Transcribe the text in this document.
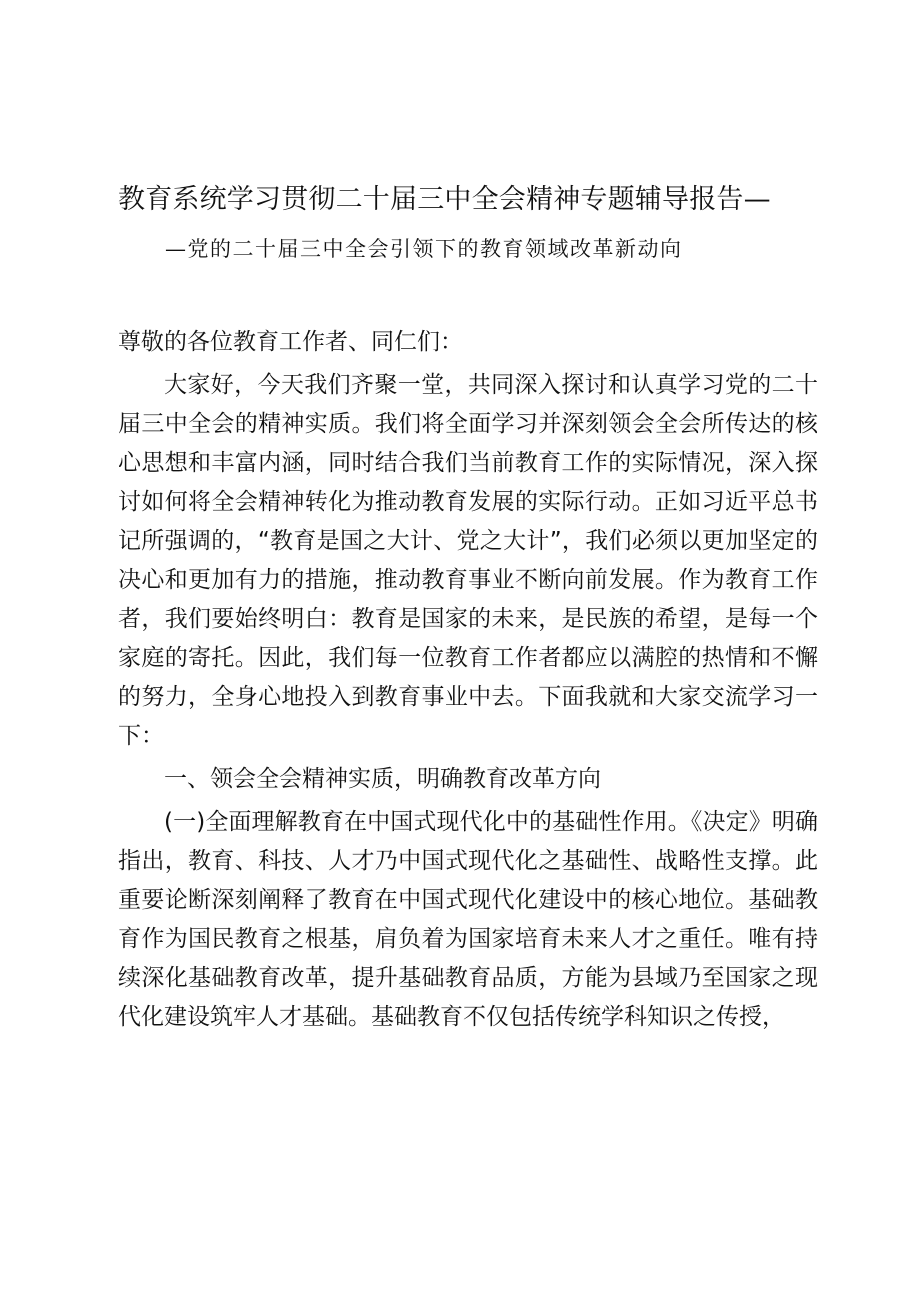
教育系统学习贯彻二十届三中全会精神专题辅导报告—
—党的二十届三中全会引领下的教育领域改革新动向
尊敬的各位教育工作者、同仁们：

大家好，今天我们齐聚一堂，共同深入探讨和认真学习党的二十届三中全会的精神实质。我们将全面学习并深刻领会全会所传达的核心思想和丰富内涵，同时结合我们当前教育工作的实际情况，深入探讨如何将全会精神转化为推动教育发展的实际行动。正如习近平总书记所强调的，“教育是国之大计、党之大计”，我们必须以更加坚定的决心和更加有力的措施，推动教育事业不断向前发展。作为教育工作者，我们要始终明白：教育是国家的未来，是民族的希望，是每一个家庭的寄托。因此，我们每一位教育工作者都应以满腔的热情和不懈的努力，全身心地投入到教育事业中去。下面我就和大家交流学习一下：

一、领会全会精神实质，明确教育改革方向

(一)全面理解教育在中国式现代化中的基础性作用。《决定》明确指出，教育、科技、人才乃中国式现代化之基础性、战略性支撑。此重要论断深刻阐释了教育在中国式现代化建设中的核心地位。基础教育作为国民教育之根基，肩负着为国家培育未来人才之重任。唯有持续深化基础教育改革，提升基础教育品质，方能为县域乃至国家之现代化建设筑牢人才基础。基础教育不仅包括传统学科知识之传授，
